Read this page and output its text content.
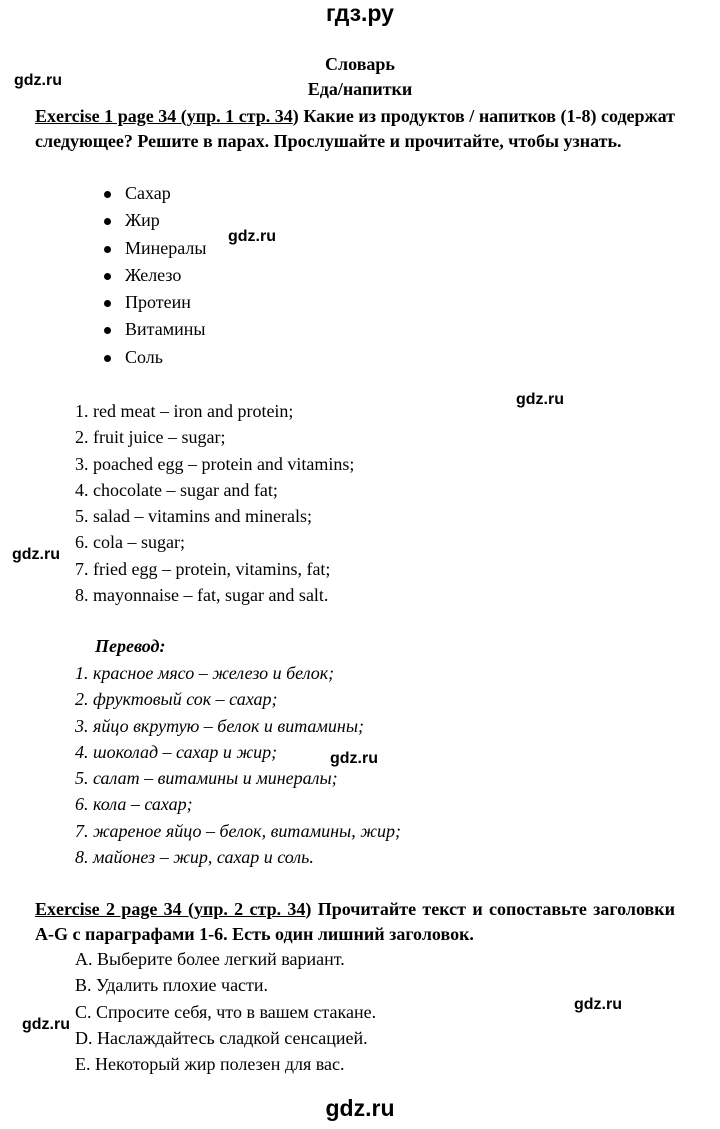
гдз.ру
gdz.ru
Словарь
Еда/напитки
Exercise 1 page 34 (упр. 1 стр. 34) Какие из продуктов / напитков (1-8) содержат следующее? Решите в парах. Прослушайте и прочитайте, чтобы узнать.
Сахар
Жир
Минералы
Железо
Протеин
Витамины
Соль
gdz.ru
gdz.ru
1. red meat – iron and protein;
2. fruit juice – sugar;
3. poached egg – protein and vitamins;
4. chocolate – sugar and fat;
5. salad – vitamins and minerals;
6. cola – sugar;
7. fried egg – protein, vitamins, fat;
8. mayonnaise – fat, sugar and salt.
gdz.ru
Перевод:
1. красное мясо – железо и белок;
2. фруктовый сок – сахар;
3. яйцо вкрутую – белок и витамины;
4. шоколад – сахар и жир;
5. салат – витамины и минералы;
6. кола – сахар;
7. жареное яйцо – белок, витамины, жир;
8. майонез – жир, сахар и соль.
gdz.ru
Exercise 2 page 34 (упр. 2 стр. 34) Прочитайте текст и сопоставьте заголовки A-G с параграфами 1-6. Есть один лишний заголовок.
A. Выберите более легкий вариант.
B. Удалить плохие части.
C. Спросите себя, что в вашем стакане.
D. Наслаждайтесь сладкой сенсацией.
E. Некоторый жир полезен для вас.
gdz.ru
gdz.ru
gdz.ru
